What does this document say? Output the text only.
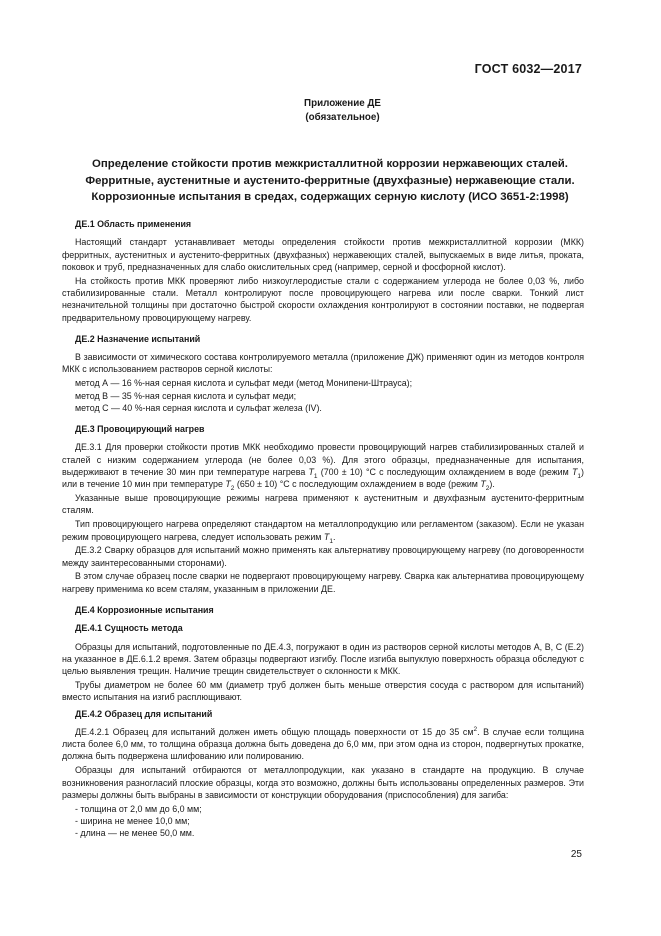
ГОСТ 6032—2017
Приложение ДЕ
(обязательное)
Определение стойкости против межкристаллитной коррозии нержавеющих сталей.
Ферритные, аустенитные и аустенито-ферритные (двухфазные) нержавеющие стали.
Коррозионные испытания в средах, содержащих серную кислоту (ИСО 3651-2:1998)
ДЕ.1 Область применения
Настоящий стандарт устанавливает методы определения стойкости против межкристаллитной коррозии (МКК) ферритных, аустенитных и аустенито-ферритных (двухфазных) нержавеющих сталей, выпускаемых в виде литья, проката, поковок и труб, предназначенных для слабо окислительных сред (например, серной и фосфорной кислот).
На стойкость против МКК проверяют либо низкоуглеродистые стали с содержанием углерода не более 0,03 %, либо стабилизированные стали. Металл контролируют после провоцирующего нагрева или после сварки. Тонкий лист незначительной толщины при достаточно быстрой скорости охлаждения контролируют в состоянии поставки, не подвергая предварительному провоцирующему нагреву.
ДЕ.2 Назначение испытаний
В зависимости от химического состава контролируемого металла (приложение ДЖ) применяют один из методов контроля МКК с использованием растворов серной кислоты:
метод А — 16 %-ная серная кислота и сульфат меди (метод Монипени-Штрауса);
метод В — 35 %-ная серная кислота и сульфат меди;
метод С — 40 %-ная серная кислота и сульфат железа (IV).
ДЕ.3 Провоцирующий нагрев
ДЕ.3.1 Для проверки стойкости против МКК необходимо провести провоцирующий нагрев стабилизированных сталей и сталей с низким содержанием углерода (не более 0,03 %). Для этого образцы, предназначенные для испытания, выдерживают в течение 30 мин при температуре нагрева $T_1$ (700 ± 10) °С с последующим охлаждением в воде (режим $T_1$) или в течение 10 мин при температуре $T_2$ (650 ± 10) °С с последующим охлаждением в воде (режим $T_2$).
Указанные выше провоцирующие режимы нагрева применяют к аустенитным и двухфазным аустенито-ферритным сталям.
Тип провоцирующего нагрева определяют стандартом на металлопродукцию или регламентом (заказом). Если не указан режим провоцирующего нагрева, следует использовать режим $T_1$.
ДЕ.3.2 Сварку образцов для испытаний можно применять как альтернативу провоцирующему нагреву (по договоренности между заинтересованными сторонами).
В этом случае образец после сварки не подвергают провоцирующему нагреву. Сварка как альтернатива провоцирующему нагреву применима ко всем сталям, указанным в приложении ДЕ.
ДЕ.4 Коррозионные испытания
ДЕ.4.1 Сущность метода
Образцы для испытаний, подготовленные по ДЕ.4.3, погружают в один из растворов серной кислоты методов А, В, С (Е.2) на указанное в ДЕ.6.1.2 время. Затем образцы подвергают изгибу. После изгиба выпуклую поверхность образца обследуют с целью выявления трещин. Наличие трещин свидетельствует о склонности к МКК.
Трубы диаметром не более 60 мм (диаметр труб должен быть меньше отверстия сосуда с раствором для испытаний) вместо испытания на изгиб расплющивают.
ДЕ.4.2 Образец для испытаний
ДЕ.4.2.1 Образец для испытаний должен иметь общую площадь поверхности от 15 до 35 $см^2$. В случае если толщина листа более 6,0 мм, то толщина образца должна быть доведена до 6,0 мм, при этом одна из сторон, подвергнутых прокатке, должна быть подвержена шлифованию или полированию.
Образцы для испытаний отбираются от металлопродукции, как указано в стандарте на продукцию. В случае возникновения разногласий плоские образцы, когда это возможно, должны быть использованы определенных размеров. Эти размеры должны быть выбраны в зависимости от конструкции оборудования (приспособления) для загиба:
- толщина от 2,0 мм до 6,0 мм;
- ширина не менее 10,0 мм;
- длина — не менее 50,0 мм.
25
